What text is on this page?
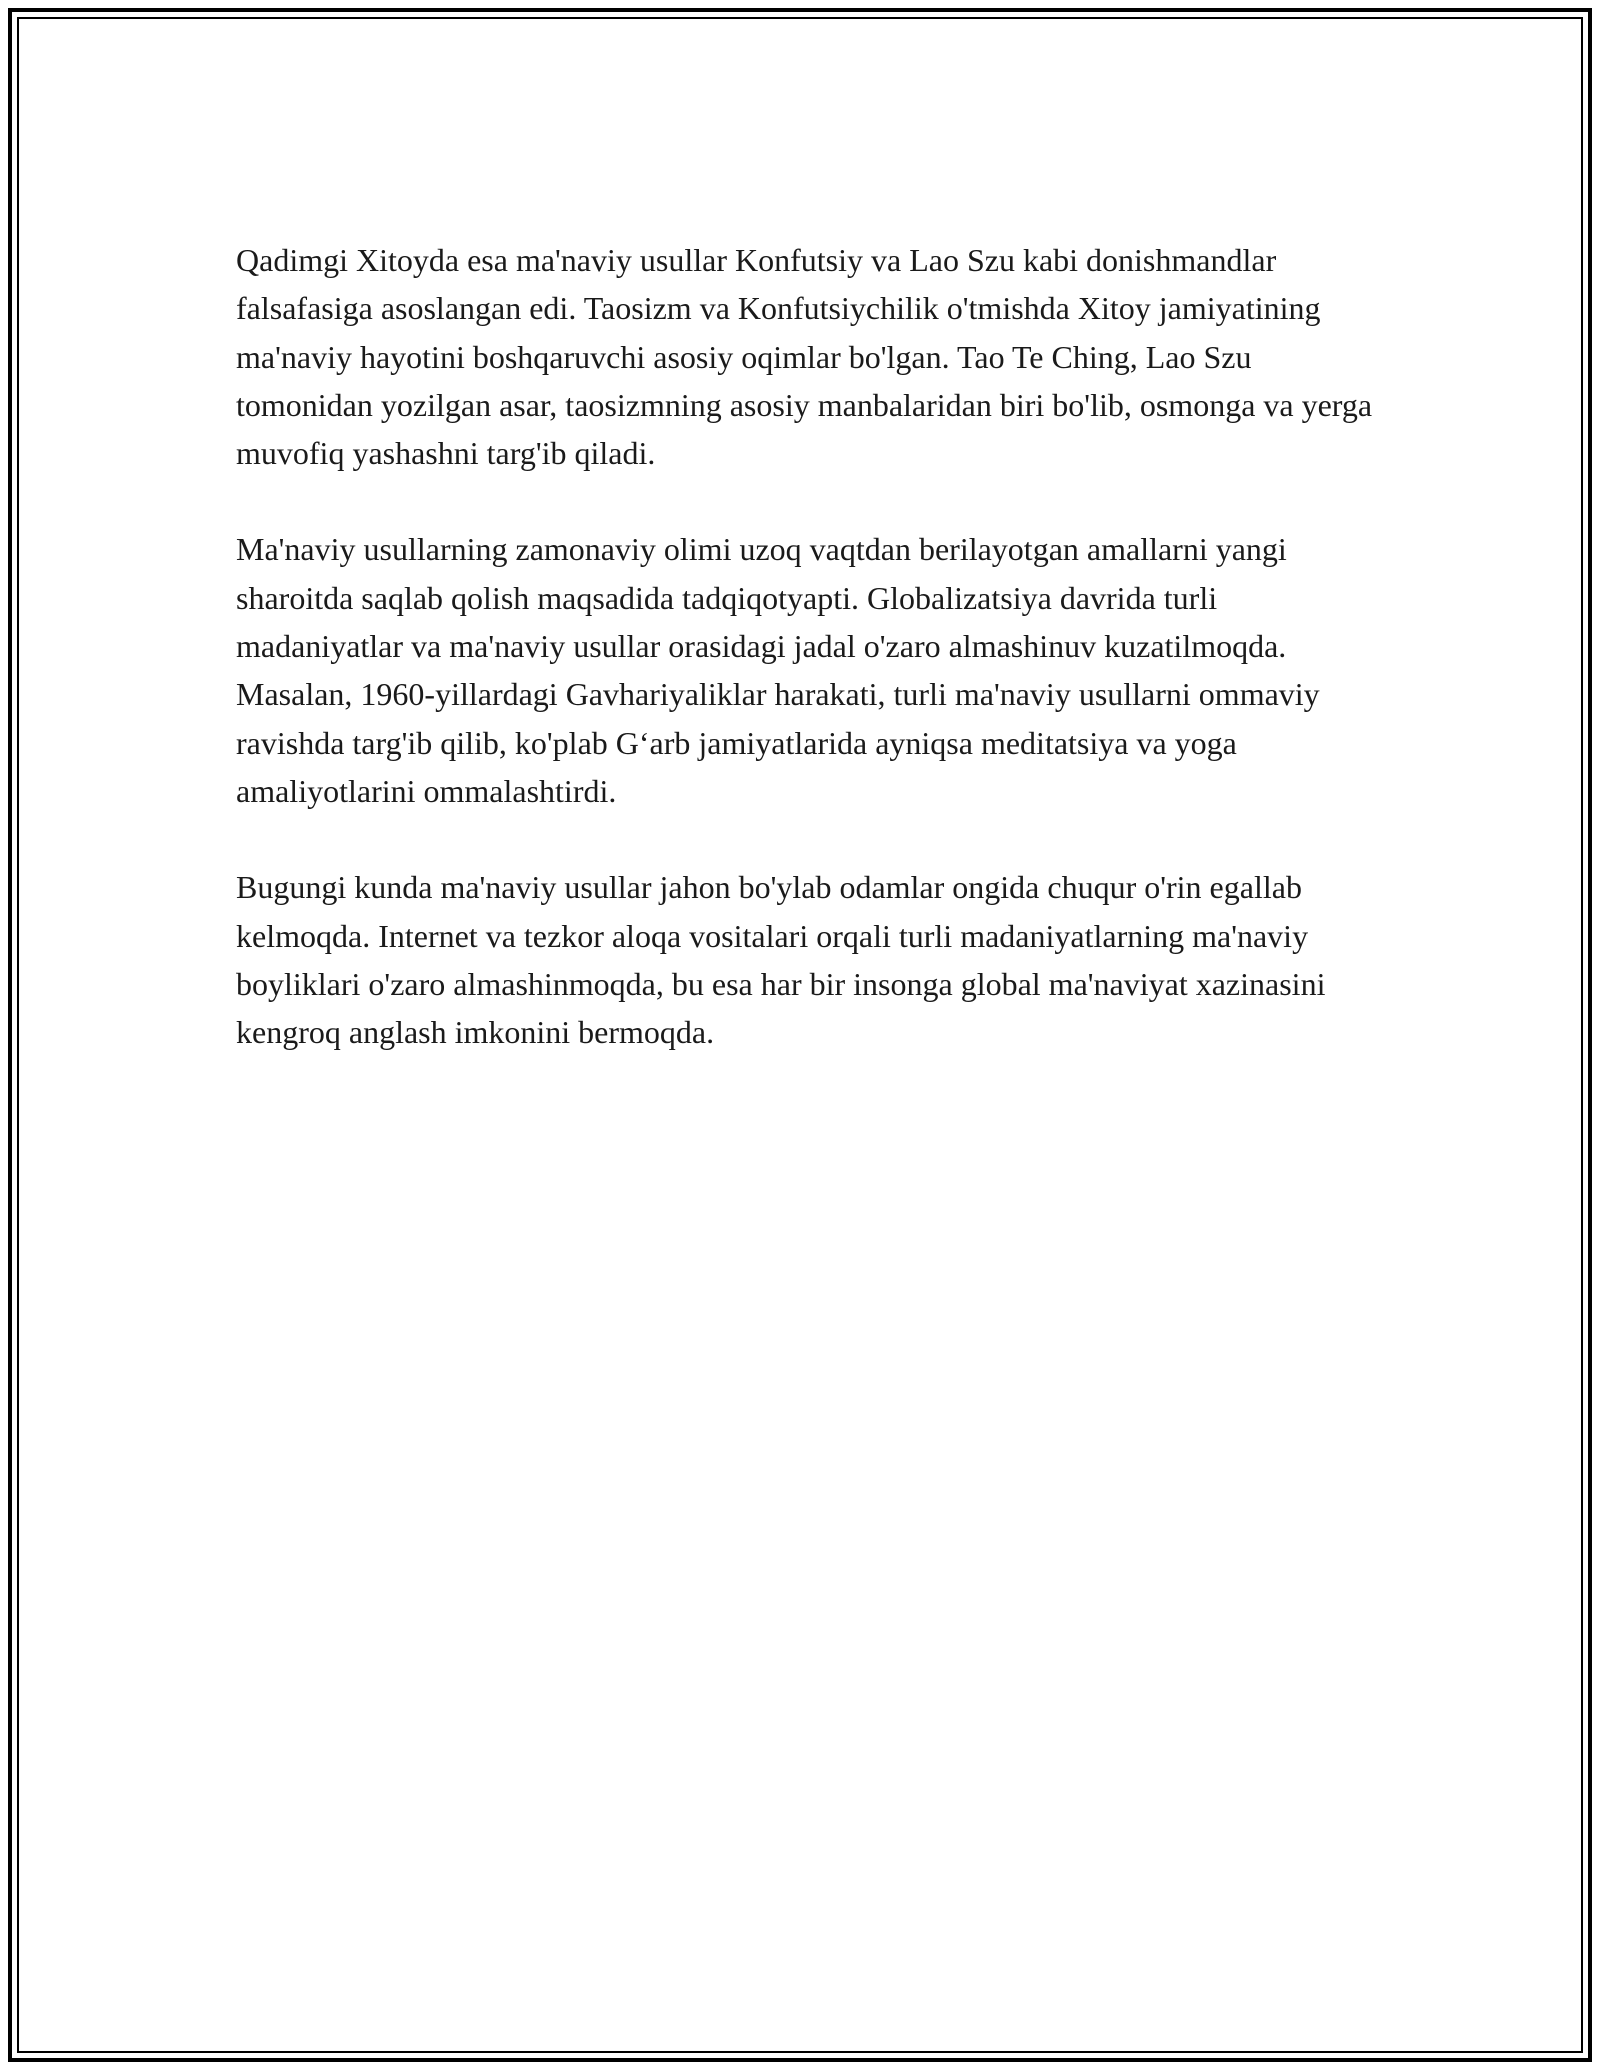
Qadimgi Xitoyda esa ma'naviy usullar Konfutsiy va Lao Szu kabi donishmandlar falsafasiga asoslangan edi. Taosizm va Konfutsiychilik o'tmishda Xitoy jamiyatining ma'naviy hayotini boshqaruvchi asosiy oqimlar bo'lgan. Tao Te Ching, Lao Szu tomonidan yozilgan asar, taosizmning asosiy manbalaridan biri bo'lib, osmonga va yerga muvofiq yashashni targ'ib qiladi.

Ma'naviy usullarning zamonaviy olimi uzoq vaqtdan berilayotgan amallarni yangi sharoitda saqlab qolish maqsadida tadqiqotyapti. Globalizatsiya davrida turli madaniyatlar va ma'naviy usullar orasidagi jadal o'zaro almashinuv kuzatilmoqda. Masalan, 1960-yillardagi Gavhariyaliklar harakati, turli ma'naviy usullarni ommaviy ravishda targ'ib qilib, ko'plab G‘arb jamiyatlarida ayniqsa meditatsiya va yoga amaliyotlarini ommalashtirdi.

Bugungi kunda ma'naviy usullar jahon bo'ylab odamlar ongida chuqur o'rin egallab kelmoqda. Internet va tezkor aloqa vositalari orqali turli madaniyatlarning ma'naviy boyliklari o'zaro almashinmoqda, bu esa har bir insonga global ma'naviyat xazinasini kengroq anglash imkonini bermoqda.
